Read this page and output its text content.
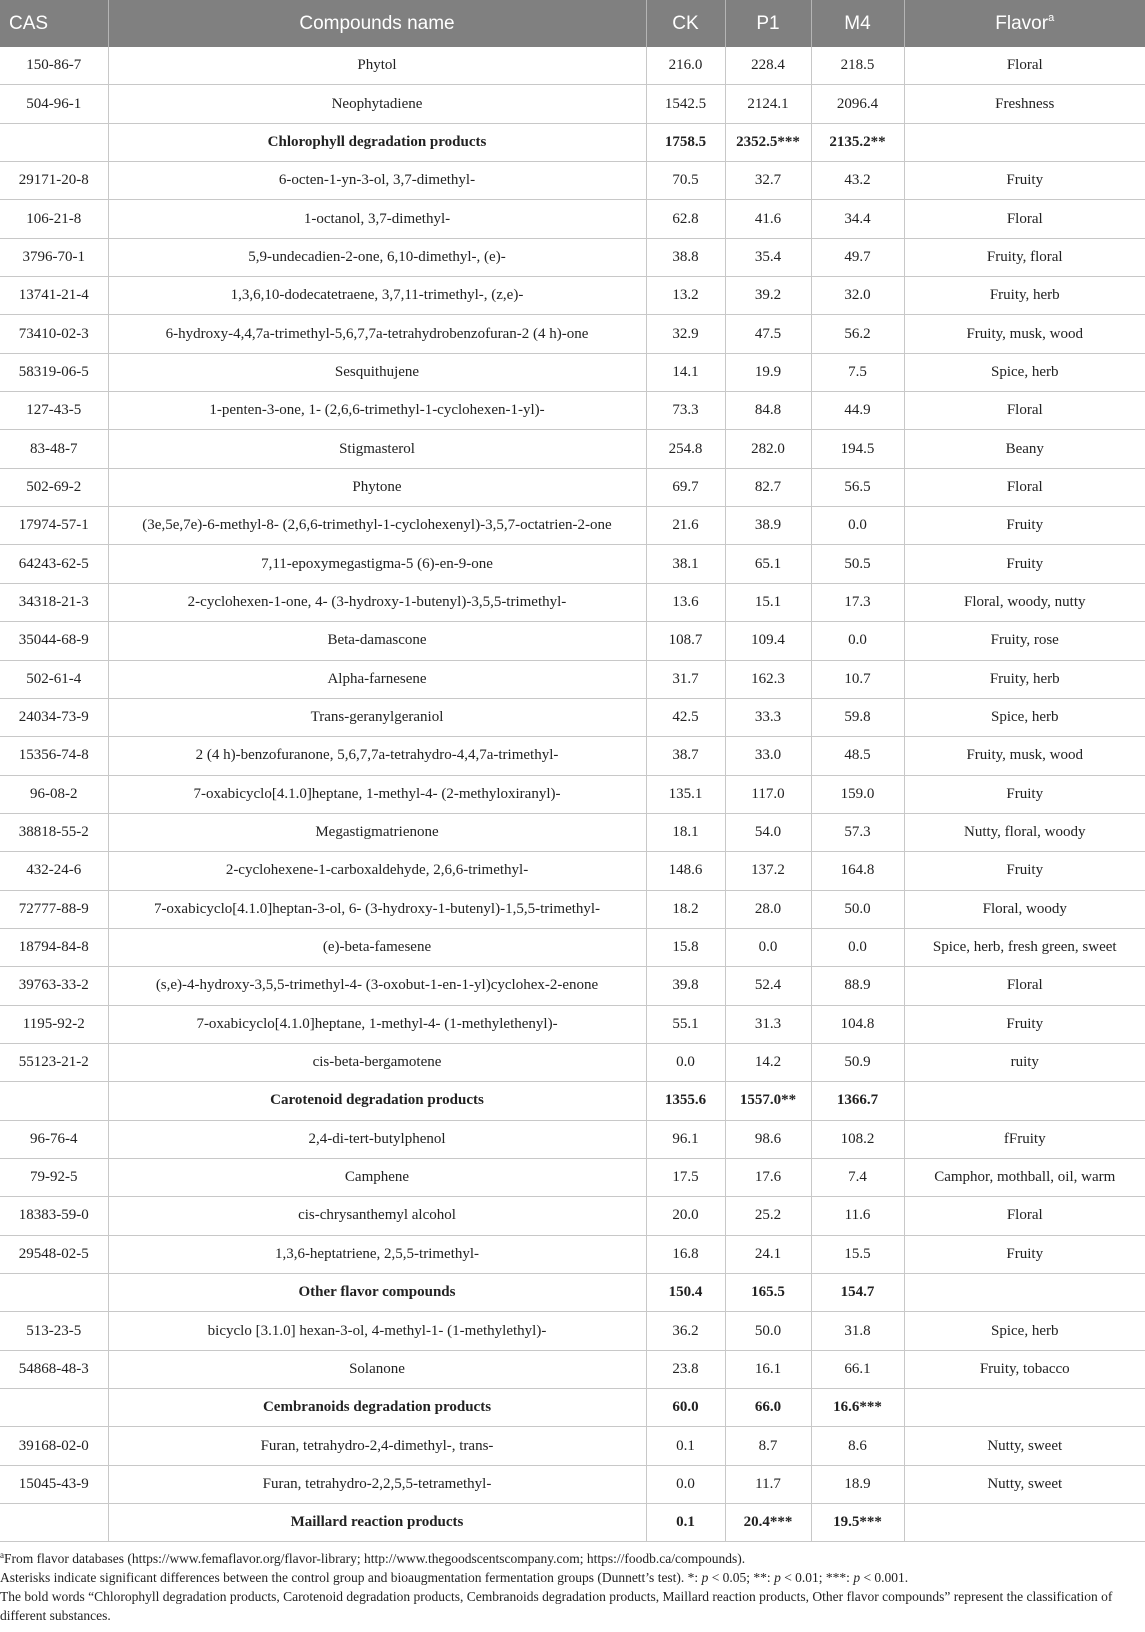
CAS	Compounds name	CK	P1	M4	Flavor$^a$
150-86-7	Phytol	216.0	228.4	218.5	Floral
504-96-1	Neophytadiene	1542.5	2124.1	2096.4	Freshness
	Chlorophyll degradation products	1758.5	2352.5***	2135.2**	
29171-20-8	6-octen-1-yn-3-ol, 3,7-dimethyl-	70.5	32.7	43.2	Fruity
106-21-8	1-octanol, 3,7-dimethyl-	62.8	41.6	34.4	Floral
3796-70-1	5,9-undecadien-2-one, 6,10-dimethyl-, (e)-	38.8	35.4	49.7	Fruity, floral
13741-21-4	1,3,6,10-dodecatetraene, 3,7,11-trimethyl-, (z,e)-	13.2	39.2	32.0	Fruity, herb
73410-02-3	6-hydroxy-4,4,7a-trimethyl-5,6,7,7a-tetrahydrobenzofuran-2 (4 h)-one	32.9	47.5	56.2	Fruity, musk, wood
58319-06-5	Sesquithujene	14.1	19.9	7.5	Spice, herb
127-43-5	1-penten-3-one, 1- (2,6,6-trimethyl-1-cyclohexen-1-yl)-	73.3	84.8	44.9	Floral
83-48-7	Stigmasterol	254.8	282.0	194.5	Beany
502-69-2	Phytone	69.7	82.7	56.5	Floral
17974-57-1	(3e,5e,7e)-6-methyl-8- (2,6,6-trimethyl-1-cyclohexenyl)-3,5,7-octatrien-2-one	21.6	38.9	0.0	Fruity
64243-62-5	7,11-epoxymegastigma-5 (6)-en-9-one	38.1	65.1	50.5	Fruity
34318-21-3	2-cyclohexen-1-one, 4- (3-hydroxy-1-butenyl)-3,5,5-trimethyl-	13.6	15.1	17.3	Floral, woody, nutty
35044-68-9	Beta-damascone	108.7	109.4	0.0	Fruity, rose
502-61-4	Alpha-farnesene	31.7	162.3	10.7	Fruity, herb
24034-73-9	Trans-geranylgeraniol	42.5	33.3	59.8	Spice, herb
15356-74-8	2 (4 h)-benzofuranone, 5,6,7,7a-tetrahydro-4,4,7a-trimethyl-	38.7	33.0	48.5	Fruity, musk, wood
96-08-2	7-oxabicyclo[4.1.0]heptane, 1-methyl-4- (2-methyloxiranyl)-	135.1	117.0	159.0	Fruity
38818-55-2	Megastigmatrienone	18.1	54.0	57.3	Nutty, floral, woody
432-24-6	2-cyclohexene-1-carboxaldehyde, 2,6,6-trimethyl-	148.6	137.2	164.8	Fruity
72777-88-9	7-oxabicyclo[4.1.0]heptan-3-ol, 6- (3-hydroxy-1-butenyl)-1,5,5-trimethyl-	18.2	28.0	50.0	Floral, woody
18794-84-8	(e)-beta-famesene	15.8	0.0	0.0	Spice, herb, fresh green, sweet
39763-33-2	(s,e)-4-hydroxy-3,5,5-trimethyl-4- (3-oxobut-1-en-1-yl)cyclohex-2-enone	39.8	52.4	88.9	Floral
1195-92-2	7-oxabicyclo[4.1.0]heptane, 1-methyl-4- (1-methylethenyl)-	55.1	31.3	104.8	Fruity
55123-21-2	cis-beta-bergamotene	0.0	14.2	50.9	ruity
	Carotenoid degradation products	1355.6	1557.0**	1366.7	
96-76-4	2,4-di-tert-butylphenol	96.1	98.6	108.2	fFruity
79-92-5	Camphene	17.5	17.6	7.4	Camphor, mothball, oil, warm
18383-59-0	cis-chrysanthemyl alcohol	20.0	25.2	11.6	Floral
29548-02-5	1,3,6-heptatriene, 2,5,5-trimethyl-	16.8	24.1	15.5	Fruity
	Other flavor compounds	150.4	165.5	154.7	
513-23-5	bicyclo [3.1.0] hexan-3-ol, 4-methyl-1- (1-methylethyl)-	36.2	50.0	31.8	Spice, herb
54868-48-3	Solanone	23.8	16.1	66.1	Fruity, tobacco
	Cembranoids degradation products	60.0	66.0	16.6***	
39168-02-0	Furan, tetrahydro-2,4-dimethyl-, trans-	0.1	8.7	8.6	Nutty, sweet
15045-43-9	Furan, tetrahydro-2,2,5,5-tetramethyl-	0.0	11.7	18.9	Nutty, sweet
	Maillard reaction products	0.1	20.4***	19.5***	

$^a$From flavor databases (https://www.femaflavor.org/flavor-library; http://www.thegoodscentscompany.com; https://foodb.ca/compounds).

Asterisks indicate significant differences between the control group and bioaugmentation fermentation groups (Dunnett’s test). *: p < 0.05; **: p < 0.01; ***: p < 0.001.

The bold words “Chlorophyll degradation products, Carotenoid degradation products, Cembranoids degradation products, Maillard reaction products, Other flavor compounds” represent the classification of different substances.
